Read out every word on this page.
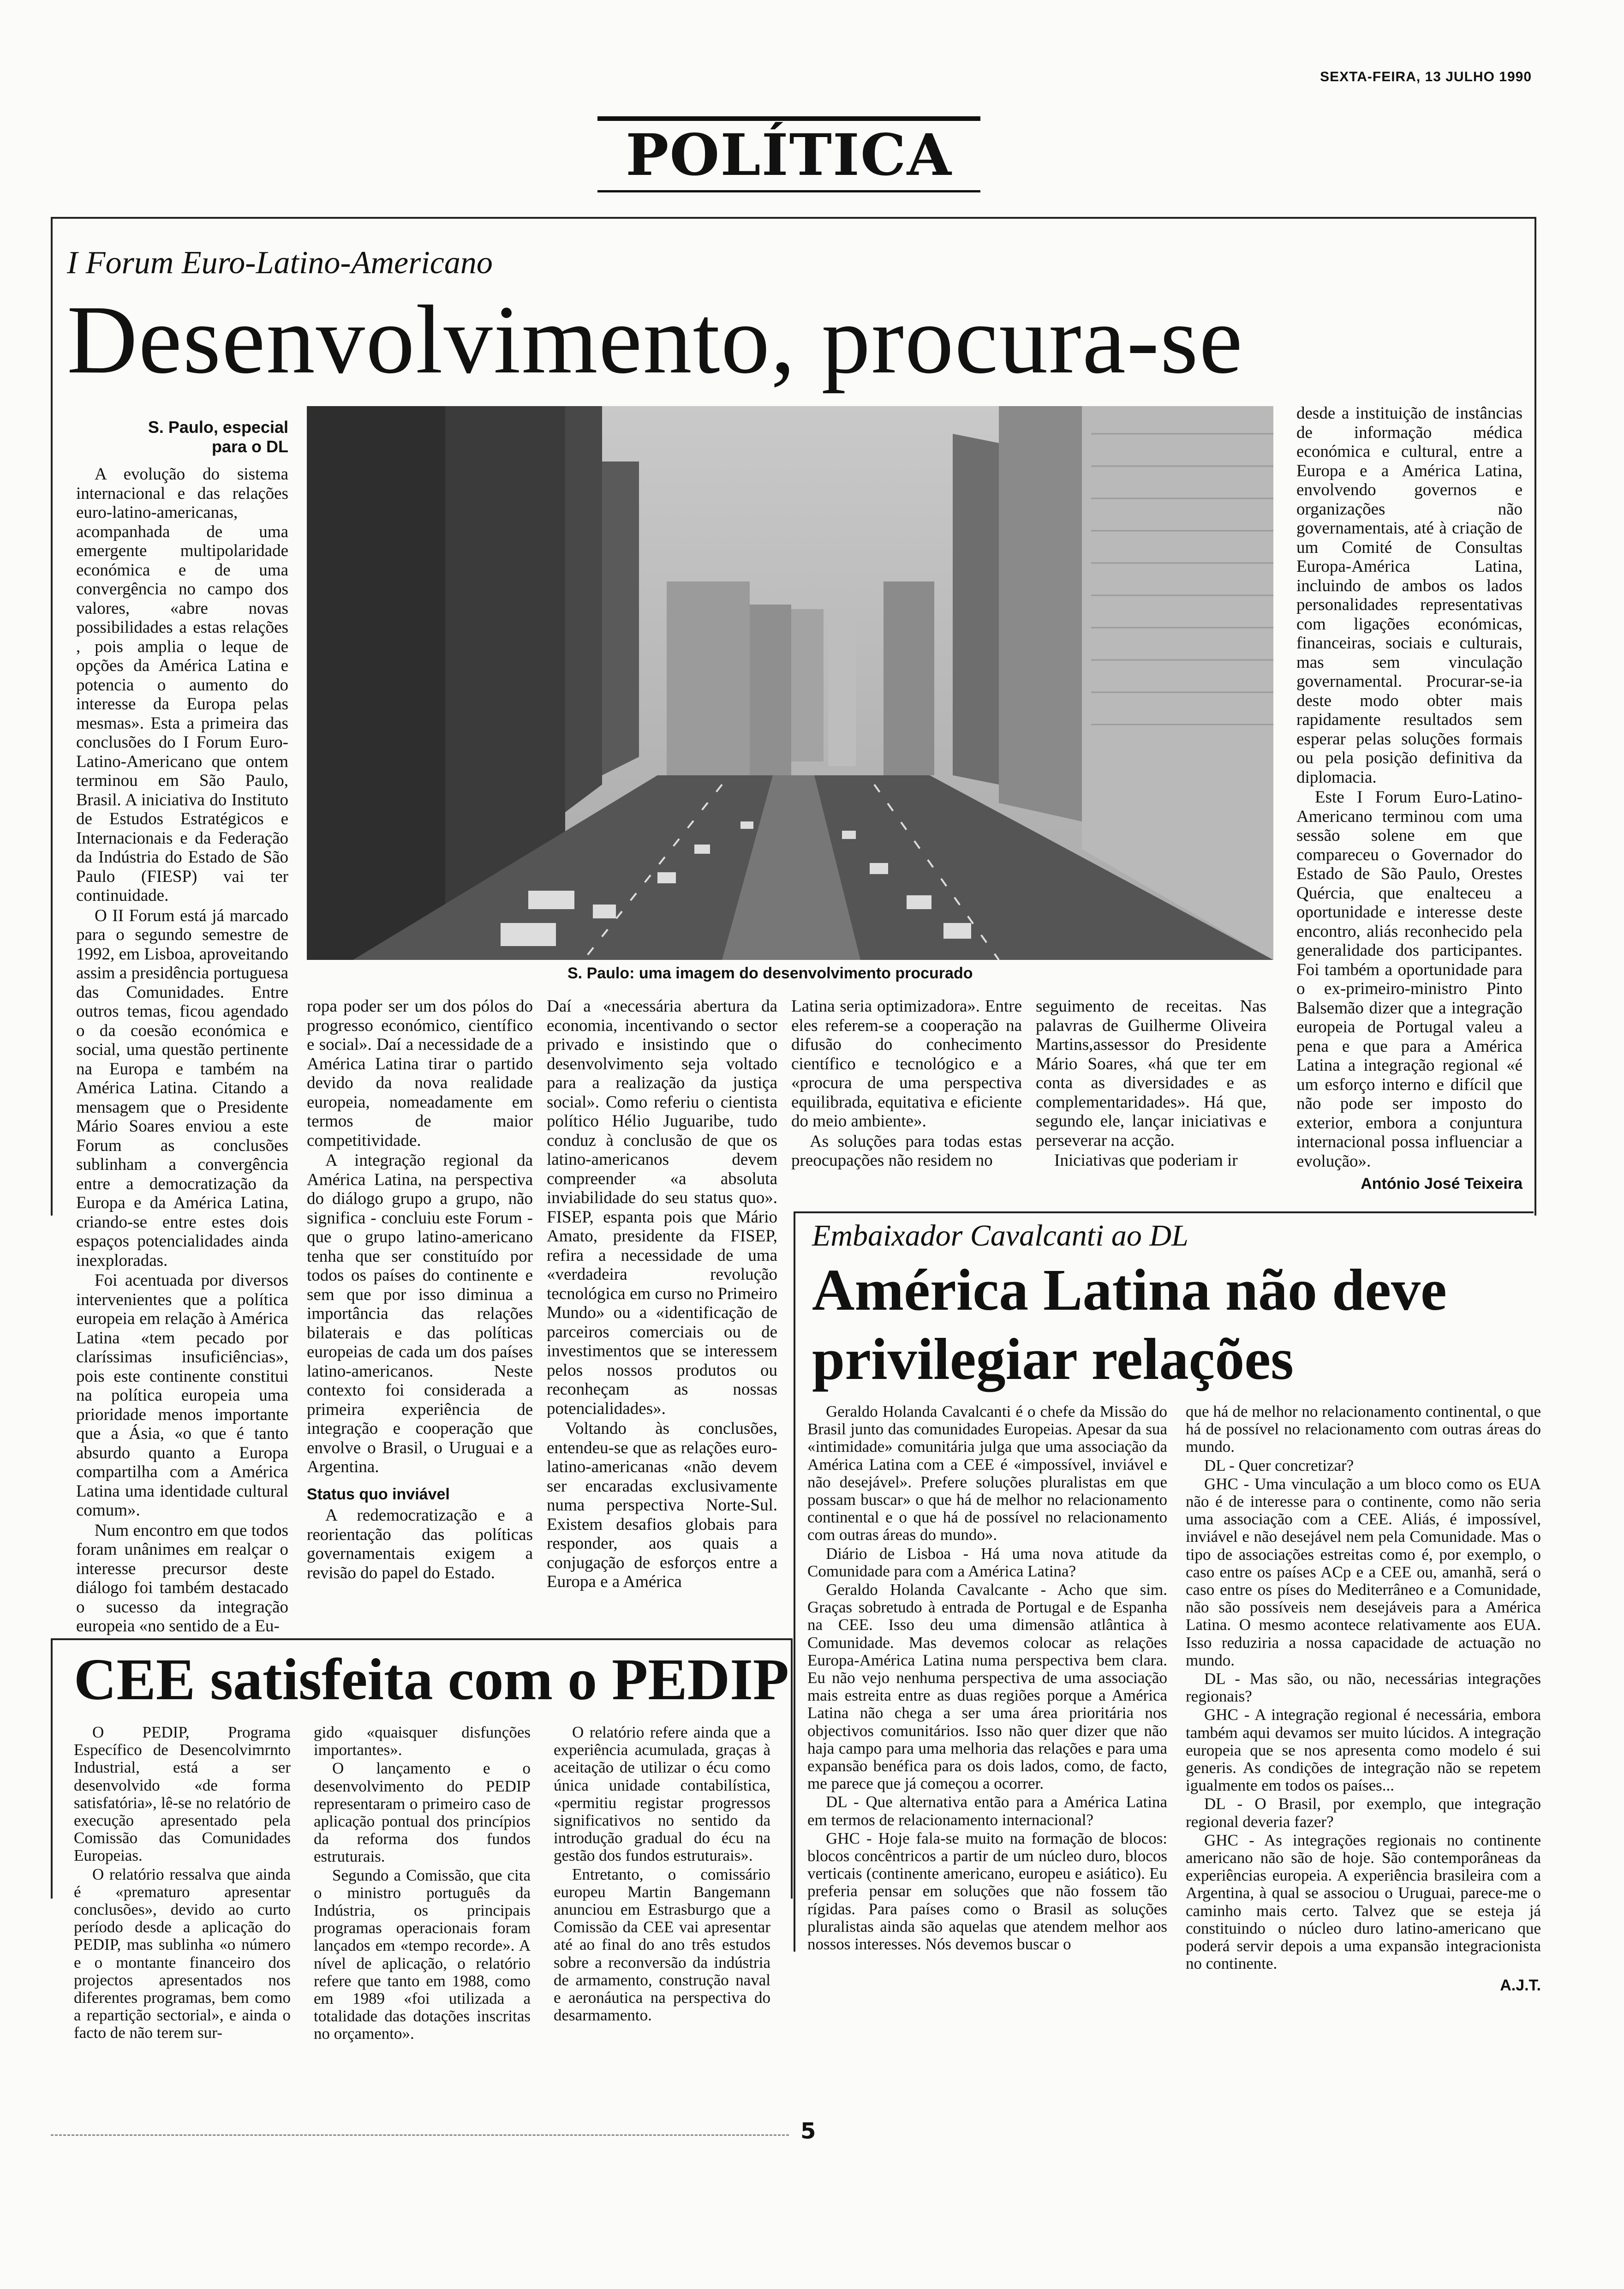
SEXTA-FEIRA, 13 JULHO 1990
POLÍTICA
I Forum Euro-Latino-Americano
Desenvolvimento, procura-se
S. Paulo, especial
para o DL

A evolução do sistema internacional e das relações euro-latino-americanas, acompanhada de uma emergente multipolaridade económica e de uma convergência no campo dos valores, «abre novas possibilidades a estas relações , pois amplia o leque de opções da América Latina e potencia o aumento do interesse da Europa pelas mesmas». Esta a primeira das conclusões do I Forum Euro-Latino-Americano que ontem terminou em São Paulo, Brasil. A iniciativa do Instituto de Estudos Estratégicos e Internacionais e da Federação da Indústria do Estado de São Paulo (FIESP) vai ter continuidade.

O II Forum está já marcado para o segundo semestre de 1992, em Lisboa, aproveitando assim a presidência portuguesa das Comunidades. Entre outros temas, ficou agendado o da coesão económica e social, uma questão pertinente na Europa e também na América Latina. Citando a mensagem que o Presidente Mário Soares enviou a este Forum as conclusões sublinham a convergência entre a democratização da Europa e da América Latina, criando-se entre estes dois espaços potencialidades ainda inexploradas.

Foi acentuada por diversos intervenientes que a política europeia em relação à América Latina «tem pecado por claríssimas insuficiências», pois este continente constitui na política europeia uma prioridade menos importante que a Ásia, «o que é tanto absurdo quanto a Europa compartilha com a América Latina uma identidade cultural comum».

Num encontro em que todos foram unânimes em realçar o interesse precursor deste diálogo foi também destacado o sucesso da integração europeia «no sentido de a Eu-

S. Paulo: uma imagem do desenvolvimento procurado

ropa poder ser um dos pólos do progresso económico, científico e social». Daí a necessidade de a América Latina tirar o partido devido da nova realidade europeia, nomeadamente em termos de maior competitividade.

A integração regional da América Latina, na perspectiva do diálogo grupo a grupo, não significa - concluiu este Forum - que o grupo latino-americano tenha que ser constituído por todos os países do continente e sem que por isso diminua a importância das relações bilaterais e das políticas europeias de cada um dos países latino-americanos. Neste contexto foi considerada a primeira experiência de integração e cooperação que envolve o Brasil, o Uruguai e a Argentina.

Status quo inviável

A redemocratização e a reorientação das políticas governamentais exigem a revisão do papel do Estado.

Daí a «necessária abertura da economia, incentivando o sector privado e insistindo que o desenvolvimento seja voltado para a realização da justiça social». Como referiu o cientista político Hélio Juguaribe, tudo conduz à conclusão de que os latino-americanos devem compreender «a absoluta inviabilidade do seu status quo». FISEP, espanta pois que Mário Amato, presidente da FISEP, refira a necessidade de uma «verdadeira revolução tecnológica em curso no Primeiro Mundo» ou a «identificação de parceiros comerciais ou de investimentos que se interessem pelos nossos produtos ou reconheçam as nossas potencialidades».

Voltando às conclusões, entendeu-se que as relações euro-latino-americanas «não devem ser encaradas exclusivamente numa perspectiva Norte-Sul. Existem desafios globais para responder, aos quais a conjugação de esforços entre a Europa e a América

Latina seria optimizadora». Entre eles referem-se a cooperação na difusão do conhecimento científico e tecnológico e a «procura de uma perspectiva equilibrada, equitativa e eficiente do meio ambiente».

As soluções para todas estas preocupações não residem no

seguimento de receitas. Nas palavras de Guilherme Oliveira Martins,assessor do Presidente Mário Soares, «há que ter em conta as diversidades e as complementaridades». Há que, segundo ele, lançar iniciativas e perseverar na acção.

Iniciativas que poderiam ir

desde a instituição de instâncias de informação médica económica e cultural, entre a Europa e a América Latina, envolvendo governos e organizações não governamentais, até à criação de um Comité de Consultas Europa-América Latina, incluindo de ambos os lados personalidades representativas com ligações económicas, financeiras, sociais e culturais, mas sem vinculação governamental. Procurar-se-ia deste modo obter mais rapidamente resultados sem esperar pelas soluções formais ou pela posição definitiva da diplomacia.

Este I Forum Euro-Latino-Americano terminou com uma sessão solene em que compareceu o Governador do Estado de São Paulo, Orestes Quércia, que enalteceu a oportunidade e interesse deste encontro, aliás reconhecido pela generalidade dos participantes. Foi também a oportunidade para o ex-primeiro-ministro Pinto Balsemão dizer que a integração europeia de Portugal valeu a pena e que para a América Latina a integração regional «é um esforço interno e difícil que não pode ser imposto do exterior, embora a conjuntura internacional possa influenciar a evolução».

António José Teixeira
Embaixador Cavalcanti ao DL
América Latina não deve
privilegiar relações

Geraldo Holanda Cavalcanti é o chefe da Missão do Brasil junto das comunidades Europeias. Apesar da sua «intimidade» comunitária julga que uma associação da América Latina com a CEE é «impossível, inviável e não desejável». Prefere soluções pluralistas em que possam buscar» o que há de melhor no relacionamento continental e o que há de possível no relacionamento com outras áreas do mundo».

Diário de Lisboa - Há uma nova atitude da Comunidade para com a América Latina?

Geraldo Holanda Cavalcante - Acho que sim. Graças sobretudo à entrada de Portugal e de Espanha na CEE. Isso deu uma dimensão atlântica à Comunidade. Mas devemos colocar as relações Europa-América Latina numa perspectiva bem clara. Eu não vejo nenhuma perspectiva de uma associação mais estreita entre as duas regiões porque a América Latina não chega a ser uma área prioritária nos objectivos comunitários. Isso não quer dizer que não haja campo para uma melhoria das relações e para uma expansão benéfica para os dois lados, como, de facto, me parece que já começou a ocorrer.

DL - Que alternativa então para a América Latina em termos de relacionamento internacional?

GHC - Hoje fala-se muito na formação de blocos: blocos concêntricos a partir de um núcleo duro, blocos verticais (continente americano, europeu e asiático). Eu preferia pensar em soluções que não fossem tão rígidas. Para países como o Brasil as soluções pluralistas ainda são aquelas que atendem melhor aos nossos interesses. Nós devemos buscar o

que há de melhor no relacionamento continental, o que há de possível no relacionamento com outras áreas do mundo.

DL - Quer concretizar?

GHC - Uma vinculação a um bloco como os EUA não é de interesse para o continente, como não seria uma associação com a CEE. Aliás, é impossível, inviável e não desejável nem pela Comunidade. Mas o tipo de associações estreitas como é, por exemplo, o caso entre os países ACp e a CEE ou, amanhã, será o caso entre os píses do Mediterrâneo e a Comunidade, não são possíveis nem desejáveis para a América Latina. O mesmo acontece relativamente aos EUA. Isso reduziria a nossa capacidade de actuação no mundo.

DL - Mas são, ou não, necessárias integrações regionais?

GHC - A integração regional é necessária, embora também aqui devamos ser muito lúcidos. A integração europeia que se nos apresenta como modelo é sui generis. As condições de integração não se repetem igualmente em todos os países...

DL - O Brasil, por exemplo, que integração regional deveria fazer?

GHC - As integrações regionais no continente americano não são de hoje. São contemporâneas da experiências europeia. A experiência brasileira com a Argentina, à qual se associou o Uruguai, parece-me o caminho mais certo. Talvez que se esteja já constituindo o núcleo duro latino-americano que poderá servir depois a uma expansão integracionista no continente.

A.J.T.
CEE satisfeita com o PEDIP

O PEDIP, Programa Específico de Desencolvimrnto Industrial, está a ser desenvolvido «de forma satisfatória», lê-se no relatório de execução apresentado pela Comissão das Comunidades Europeias.

O relatório ressalva que ainda é «prematuro apresentar conclusões», devido ao curto período desde a aplicação do PEDIP, mas sublinha «o número e o montante financeiro dos projectos apresentados nos diferentes programas, bem como a repartição sectorial», e ainda o facto de não terem sur-

gido «quaisquer disfunções importantes».

O lançamento e o desenvolvimento do PEDIP representaram o primeiro caso de aplicação pontual dos princípios da reforma dos fundos estruturais.

Segundo a Comissão, que cita o ministro português da Indústria, os principais programas operacionais foram lançados em «tempo recorde». A nível de aplicação, o relatório refere que tanto em 1988, como em 1989 «foi utilizada a totalidade das dotações inscritas no orçamento».

O relatório refere ainda que a experiência acumulada, graças à aceitação de utilizar o écu como única unidade contabilística, «permitiu registar progressos significativos no sentido da introdução gradual do écu na gestão dos fundos estruturais».

Entretanto, o comissário europeu Martin Bangemann anunciou em Estrasburgo que a Comissão da CEE vai apresentar até ao final do ano três estudos sobre a reconversão da indústria de armamento, construção naval e aeronáutica na perspectiva do desarmamento.

5
